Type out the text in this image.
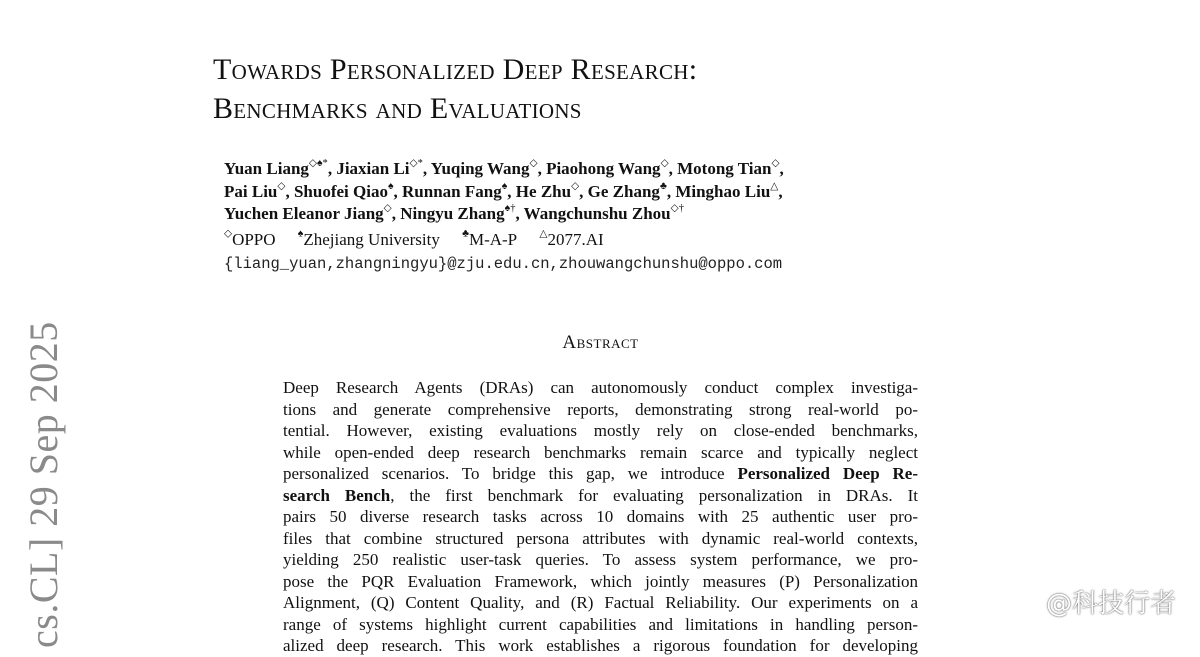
Towards Personalized Deep Research:
Benchmarks and Evaluations
Yuan Liang◇♠*, Jiaxian Li◇*, Yuqing Wang◇, Piaohong Wang◇, Motong Tian◇,
Pai Liu◇, Shuofei Qiao♠, Runnan Fang♠, He Zhu◇, Ge Zhang♣, Minghao Liu△,
Yuchen Eleanor Jiang◇, Ningyu Zhang♠†, Wangchunshu Zhou◇†
◇OPPO ♠Zhejiang University ♣M-A-P △2077.AI
{liang_yuan,zhangningyu}@zju.edu.cn,zhouwangchunshu@oppo.com
cs.CL] 29 Sep 2025	Abstract
Deep Research Agents (DRAs) can autonomously conduct complex investiga-
tions and generate comprehensive reports, demonstrating strong real-world po-
tential. However, existing evaluations mostly rely on close-ended benchmarks,
while open-ended deep research benchmarks remain scarce and typically neglect
personalized scenarios. To bridge this gap, we introduce Personalized Deep Re-
search Bench, the first benchmark for evaluating personalization in DRAs. It
pairs 50 diverse research tasks across 10 domains with 25 authentic user pro-
files that combine structured persona attributes with dynamic real-world contexts,
yielding 250 realistic user-task queries. To assess system performance, we pro-
pose the PQR Evaluation Framework, which jointly measures (P) Personalization
Alignment, (Q) Content Quality, and (R) Factual Reliability. Our experiments on a
range of systems highlight current capabilities and limitations in handling person-
alized deep research. This work establishes a rigorous foundation for developing
@科技行者
